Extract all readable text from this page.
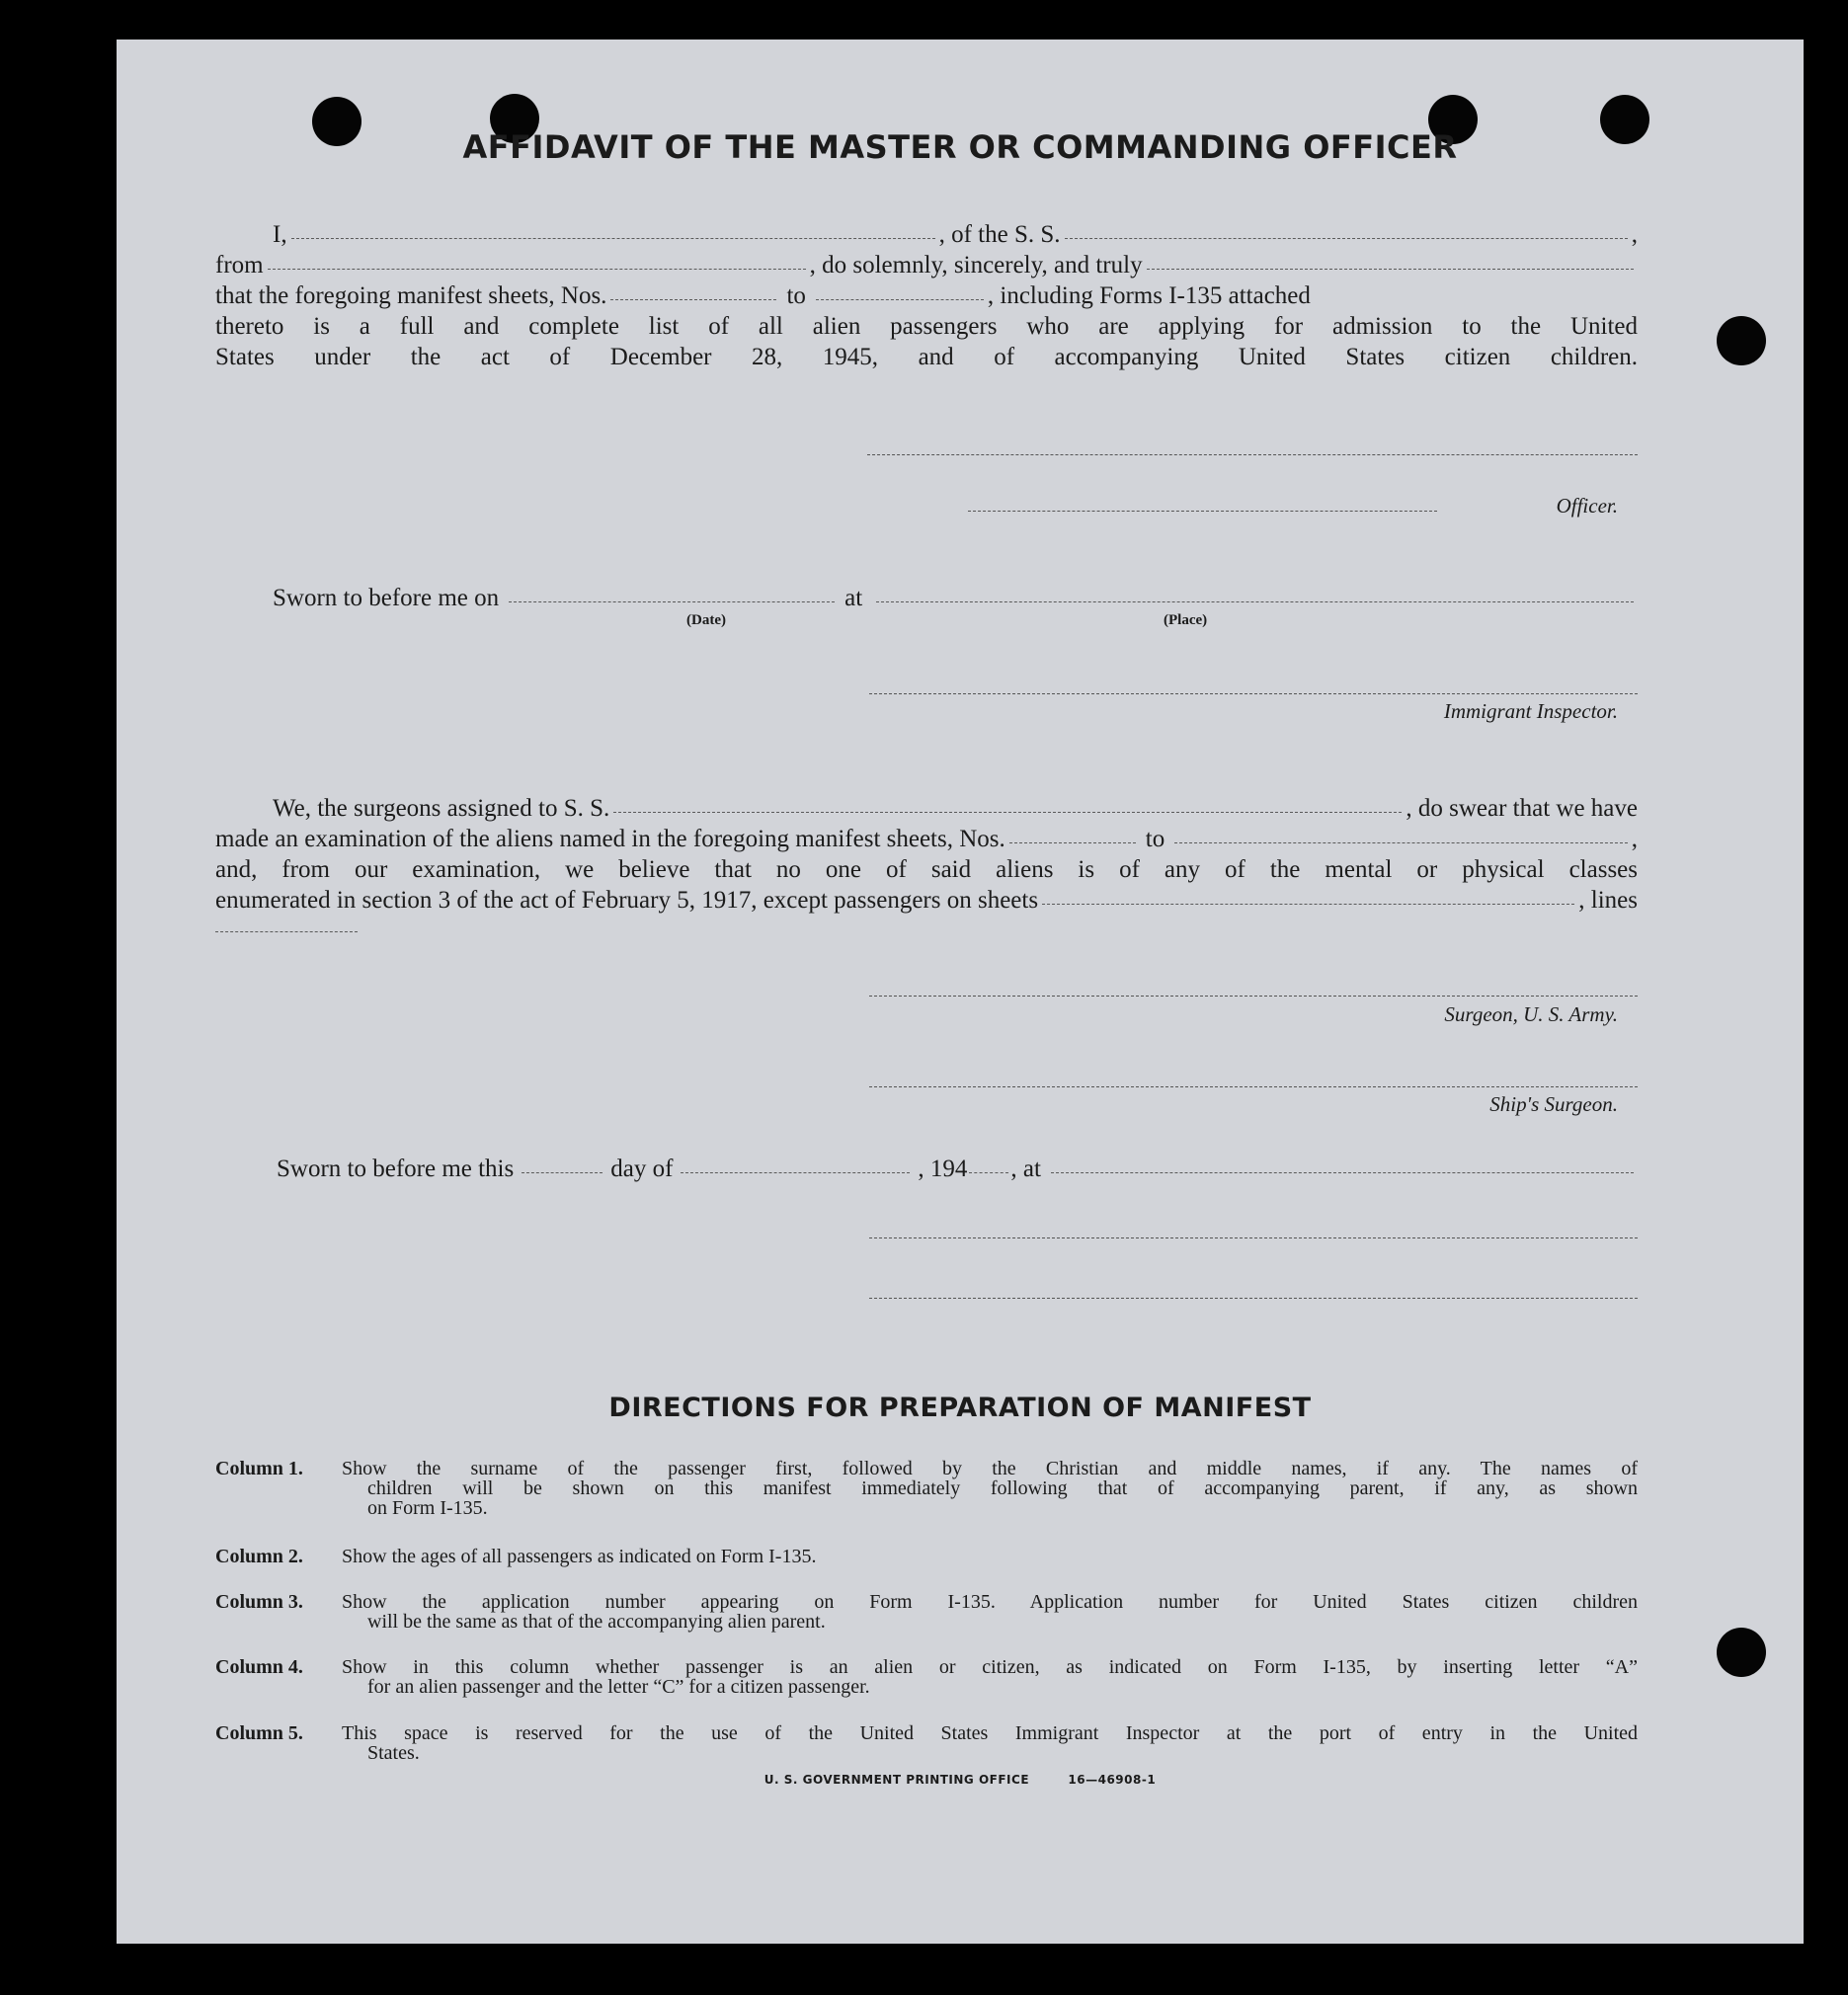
AFFIDAVIT OF THE MASTER OR COMMANDING OFFICER
I,	, of the S. S.	,
from	, do solemnly, sincerely, and truly
that the foregoing manifest sheets, Nos.	to	, including Forms I-135 attached
thereto is a full and complete list of all alien passengers who are applying for admission to the United
States under the act of December 28, 1945, and of accompanying United States citizen children.
Officer.
Sworn to before me on	at
(Date)	(Place)
Immigrant Inspector.
We, the surgeons assigned to S. S.	, do swear that we have
made an examination of the aliens named in the foregoing manifest sheets, Nos.	to	,
and, from our examination, we believe that no one of said aliens is of any of the mental or physical classes
enumerated in section 3 of the act of February 5, 1917, except passengers on sheets	, lines
Surgeon, U. S. Army.
Ship's Surgeon.
Sworn to before me this	day of	, 194 , at
DIRECTIONS FOR PREPARATION OF MANIFEST
Column 1.	Show the surname of the passenger first, followed by the Christian and middle names, if any. The names of
children will be shown on this manifest immediately following that of accompanying parent, if any, as shown
on Form I-135.
Column 2.	Show the ages of all passengers as indicated on Form I-135.
Column 3.	Show the application number appearing on Form I-135. Application number for United States citizen children
will be the same as that of the accompanying alien parent.
Column 4.	Show in this column whether passenger is an alien or citizen, as indicated on Form I-135, by inserting letter “A”
for an alien passenger and the letter “C” for a citizen passenger.
Column 5.	This space is reserved for the use of the United States Immigrant Inspector at the port of entry in the United
States.
U. S. GOVERNMENT PRINTING OFFICE	16—46908-1
